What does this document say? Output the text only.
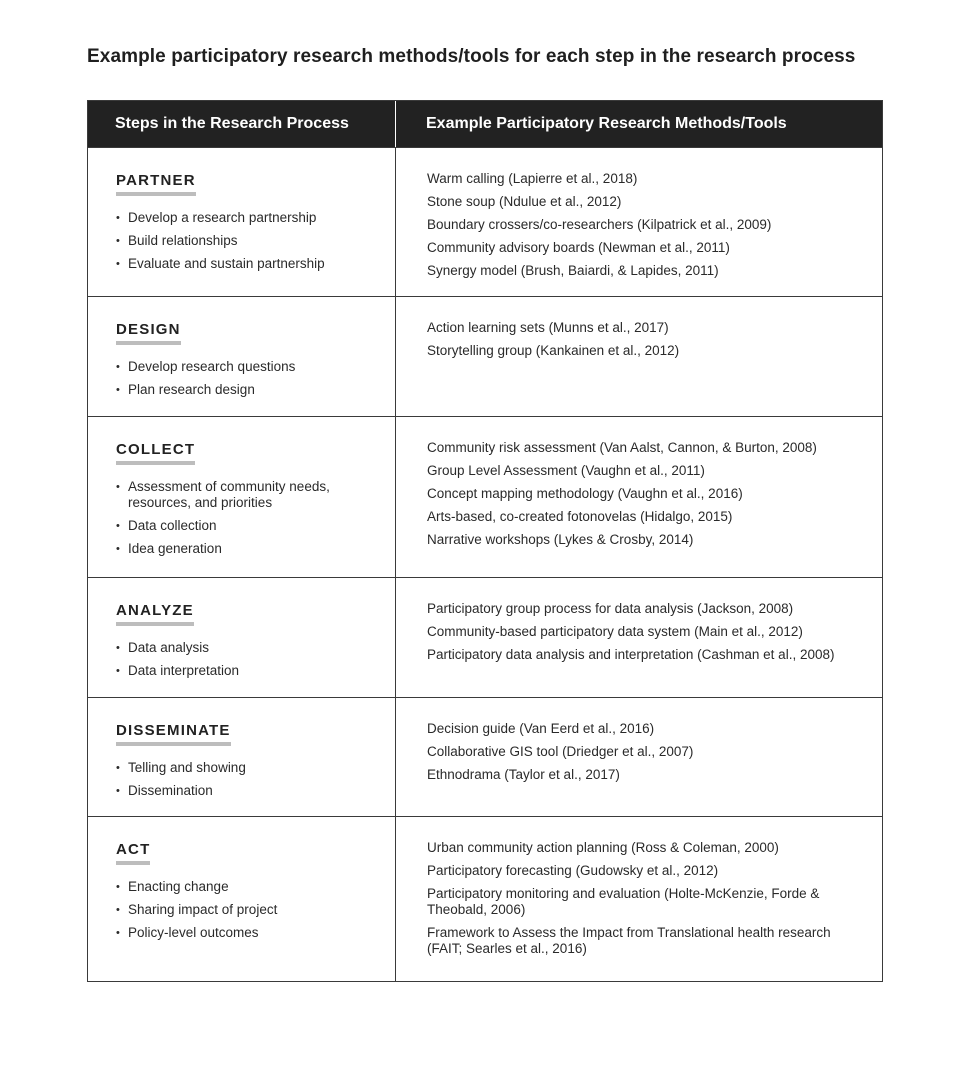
Example participatory research methods/tools for each step in the research process
Steps in the Research Process	Example Participatory Research Methods/Tools
PARTNER
• Develop a research partnership
• Build relationships
• Evaluate and sustain partnership
Warm calling (Lapierre et al., 2018)
Stone soup (Ndulue et al., 2012)
Boundary crossers/co-researchers (Kilpatrick et al., 2009)
Community advisory boards (Newman et al., 2011)
Synergy model (Brush, Baiardi, & Lapides, 2011)
DESIGN
• Develop research questions
• Plan research design
Action learning sets (Munns et al., 2017)
Storytelling group (Kankainen et al., 2012)
COLLECT
• Assessment of community needs, resources, and priorities
• Data collection
• Idea generation
Community risk assessment (Van Aalst, Cannon, & Burton, 2008)
Group Level Assessment (Vaughn et al., 2011)
Concept mapping methodology (Vaughn et al., 2016)
Arts-based, co-created fotonovelas (Hidalgo, 2015)
Narrative workshops (Lykes & Crosby, 2014)
ANALYZE
• Data analysis
• Data interpretation
Participatory group process for data analysis (Jackson, 2008)
Community-based participatory data system (Main et al., 2012)
Participatory data analysis and interpretation (Cashman et al., 2008)
DISSEMINATE
• Telling and showing
• Dissemination
Decision guide (Van Eerd et al., 2016)
Collaborative GIS tool (Driedger et al., 2007)
Ethnodrama (Taylor et al., 2017)
ACT
• Enacting change
• Sharing impact of project
• Policy-level outcomes
Urban community action planning (Ross & Coleman, 2000)
Participatory forecasting (Gudowsky et al., 2012)
Participatory monitoring and evaluation (Holte-McKenzie, Forde & Theobald, 2006)
Framework to Assess the Impact from Translational health research (FAIT; Searles et al., 2016)
